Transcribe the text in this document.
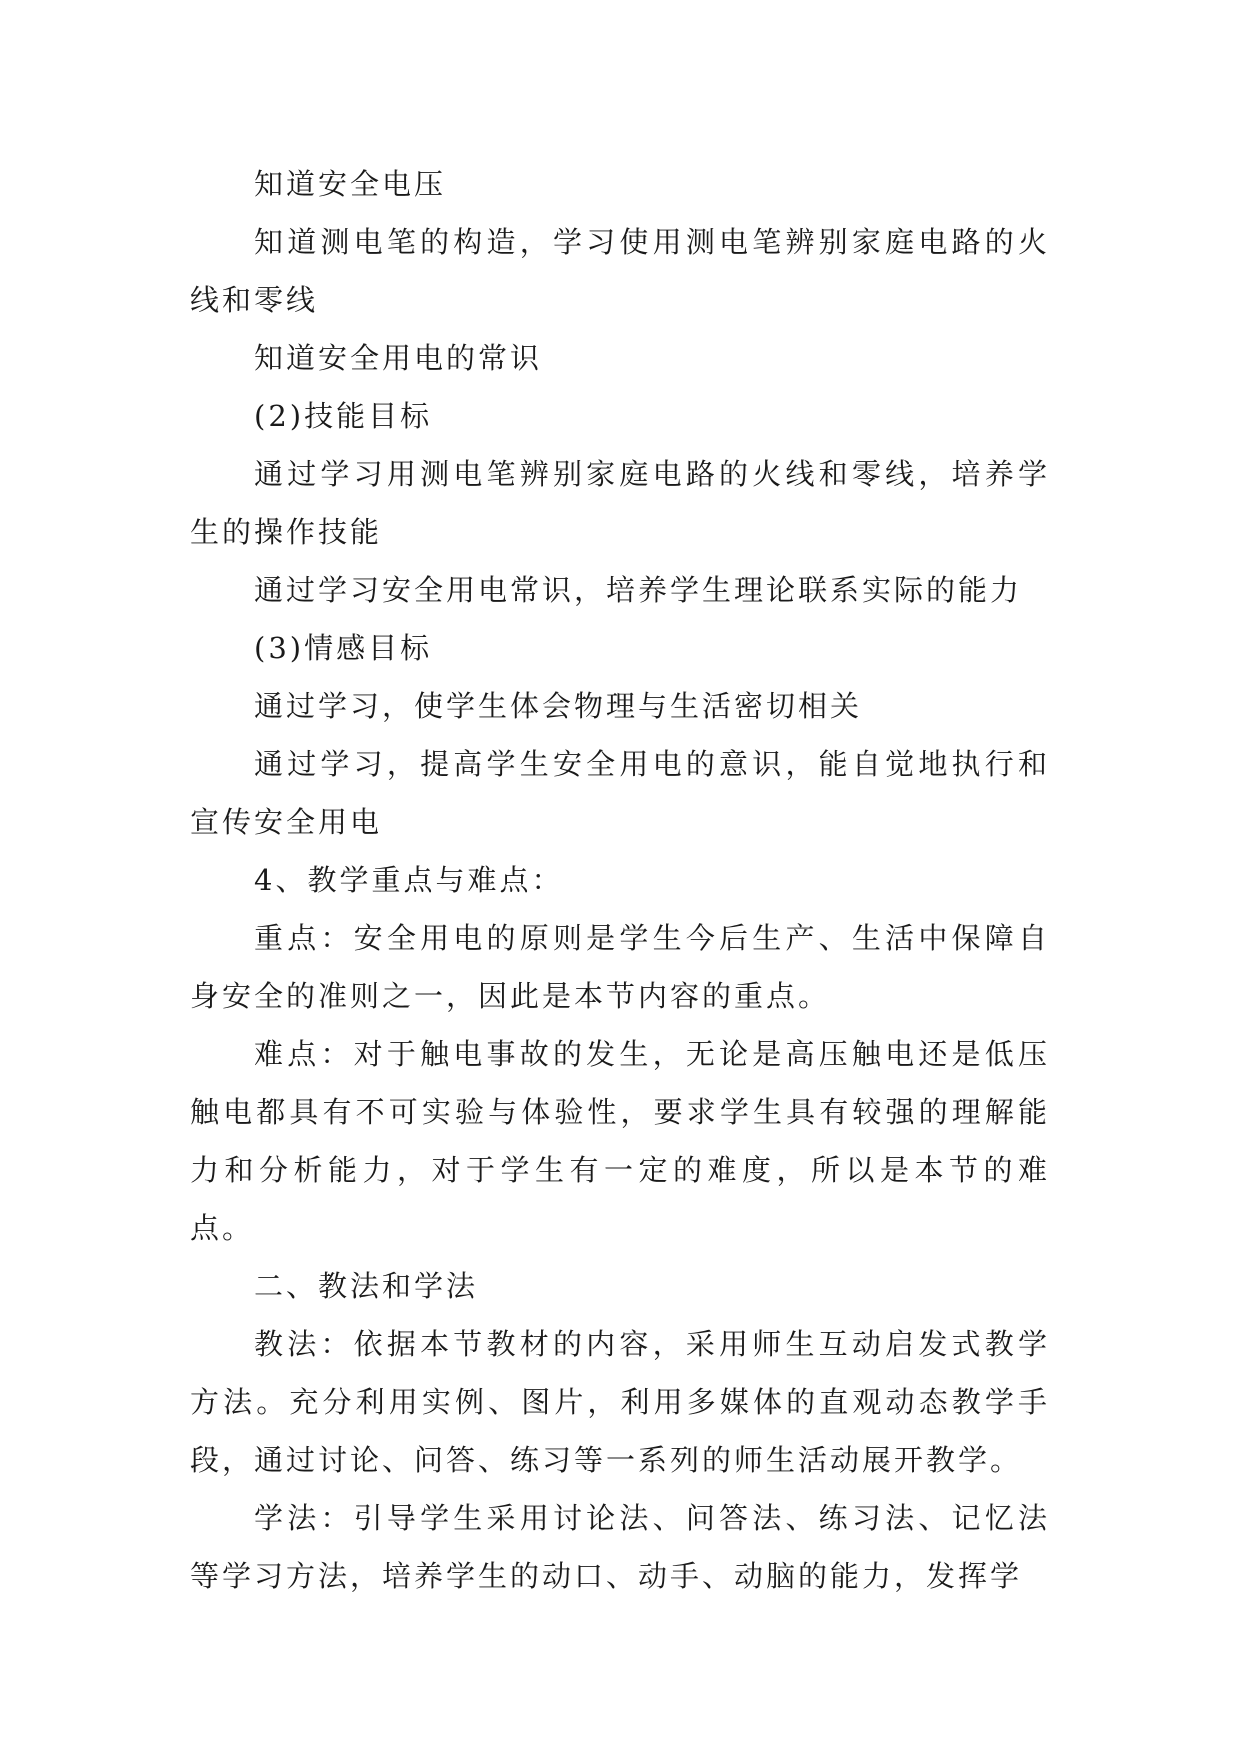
知道安全电压

知道测电笔的构造，学习使用测电笔辨别家庭电路的火线和零线

知道安全用电的常识

(2)技能目标

通过学习用测电笔辨别家庭电路的火线和零线，培养学生的操作技能

通过学习安全用电常识，培养学生理论联系实际的能力

(3)情感目标

通过学习，使学生体会物理与生活密切相关

通过学习，提高学生安全用电的意识，能自觉地执行和宣传安全用电

4、教学重点与难点：

重点：安全用电的原则是学生今后生产、生活中保障自身安全的准则之一，因此是本节内容的重点。

难点：对于触电事故的发生，无论是高压触电还是低压触电都具有不可实验与体验性，要求学生具有较强的理解能力和分析能力，对于学生有一定的难度，所以是本节的难点。

二、教法和学法

教法：依据本节教材的内容，采用师生互动启发式教学方法。充分利用实例、图片，利用多媒体的直观动态教学手段，通过讨论、问答、练习等一系列的师生活动展开教学。

学法：引导学生采用讨论法、问答法、练习法、记忆法等学习方法，培养学生的动口、动手、动脑的能力，发挥学
